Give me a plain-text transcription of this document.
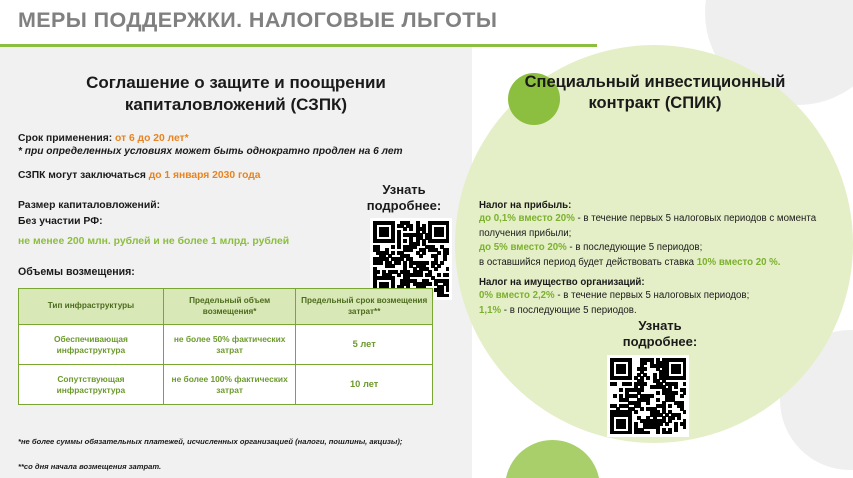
МЕРЫ ПОДДЕРЖКИ. НАЛОГОВЫЕ ЛЬГОТЫ
Соглашение о защите и поощрении капиталовложений (СЗПК)
Срок применения: от 6 до 20 лет*
* при определенных условиях может быть однократно продлен на 6 лет
СЗПК могут заключаться до 1 января 2030 года
Размер капиталовложений:
Без участии РФ:
не менее 200 млн. рублей и не более 1 млрд. рублей
Объемы возмещения:
Узнать
подробнее:
Тип инфраструктуры	Предельный объем возмещения*	Предельный срок возмещения затрат**
Обеспечивающая инфраструктура	не более 50% фактических затрат	5 лет
Сопутствующая инфраструктура	не более 100% фактических затрат	10 лет
*не более суммы обязательных платежей, исчисленных организацией (налоги, пошлины, акцизы);
**со дня начала возмещения затрат.
Специальный инвестиционный контракт (СПИК)
Налог на прибыль:
до 0,1% вместо 20% - в течение первых 5 налоговых периодов с момента получения прибыли;
до 5% вместо 20% - в последующие 5 периодов;
в оставшийся период будет действовать ставка 10% вместо 20 %.
Налог на имущество организаций:
0% вместо 2,2% - в течение первых 5 налоговых периодов;
1,1% - в последующие 5 периодов.
Узнать
подробнее:
